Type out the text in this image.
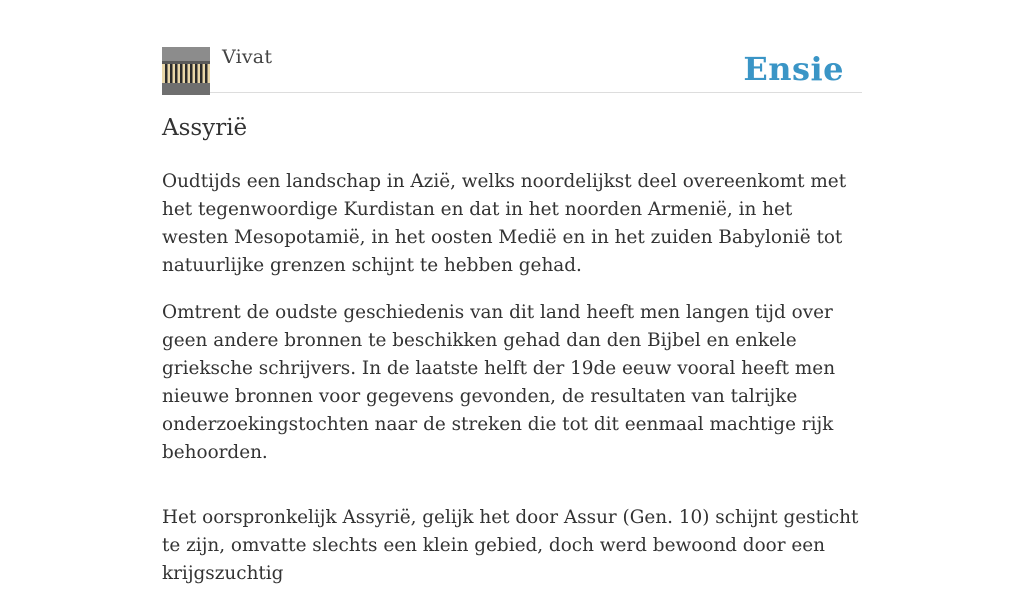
Vivat	Ensie
Assyrië

Oudtijds een landschap in Azië, welks noordelijkst deel overeenkomt met het tegenwoordige Kurdistan en dat in het noorden Armenië, in het westen Mesopotamië, in het oosten Medië en in het zuiden Babylonië tot natuurlijke grenzen schijnt te hebben gehad.

Omtrent de oudste geschiedenis van dit land heeft men langen tijd over geen andere bronnen te beschikken gehad dan den Bijbel en enkele grieksche schrijvers. In de laatste helft der 19de eeuw vooral heeft men nieuwe bronnen voor gegevens gevonden, de resultaten van talrijke onderzoekingstochten naar de streken die tot dit eenmaal machtige rijk behoorden.

Het oorspronkelijk Assyrië, gelijk het door Assur (Gen. 10) schijnt gesticht te zijn, omvatte slechts een klein gebied, doch werd bewoond door een krijgszuchtig
